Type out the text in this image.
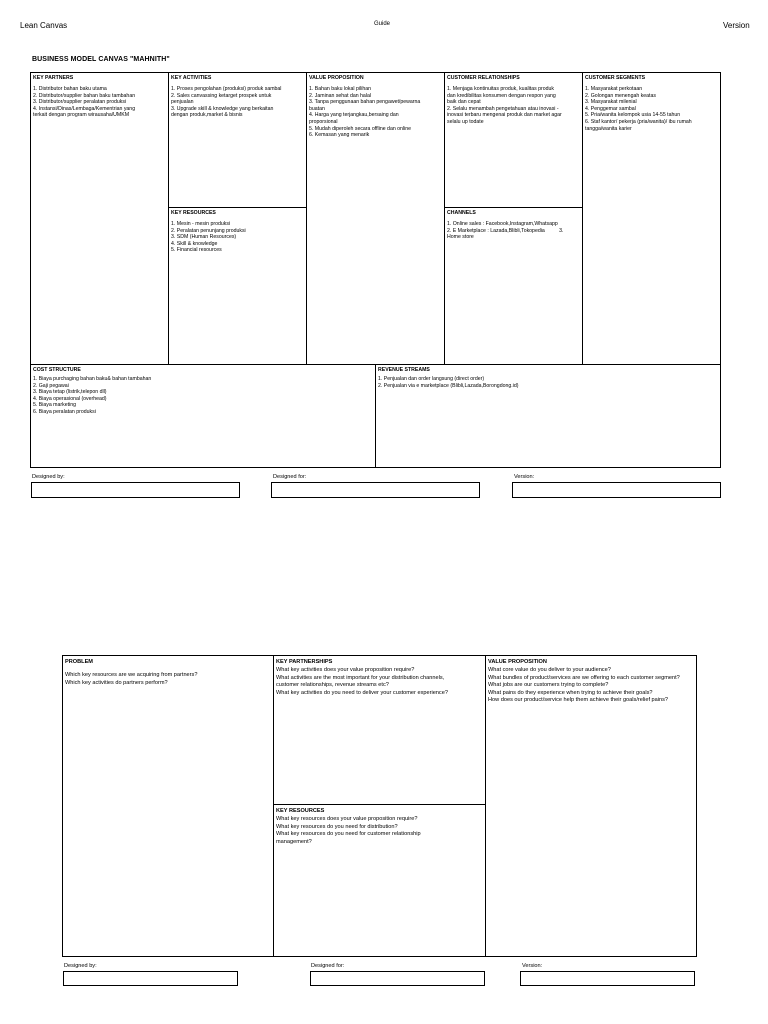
Lean Canvas	Guide	Version
BUSINESS MODEL CANVAS "MAHNITH"
KEY PARTNERS
1. Distributor bahan baku utama
2. Distributor/supplier bahan baku tambahan
3. Distributor/supplier peralatan produksi
4. Instansi/Dinas/Lembaga/Kementrian yang
terkait dengan program wirausaha/UMKM
KEY ACTIVITIES
1. Proses pengolahan (produksi) produk sambal
2. Sales canvassing ketarget prospek untuk
penjualan
3. Upgrade skill & knowledge yang berkaitan
dengan produk,market & bisnis
VALUE PROPOSITION
1. Bahan baku lokal pilihan
2. Jaminan sehat dan halal
3. Tanpa penggunaan bahan pengawet/pewarna
buatan
4. Harga yang terjangkau,bersaing dan
proporsional
5. Mudah diperoleh secara offline dan online
6. Kemasan yang menarik
CUSTOMER RELATIONSHIPS
1. Menjaga kontinuitas produk, kualitas produk
dan kredibilitas konsumen dengan respon yang
baik dan cepat
2. Selalu menambah pengetahuan atau inovasi -
inovasi terbaru mengenai produk dan market agar
selalu up todate
CUSTOMER SEGMENTS
1. Masyarakat perkotaan
2. Golongan menengah keatas
3. Masyarakat milenial
4. Penggemar sambal
5. Pria/wanita kelompok usia 14-55 tahun
6. Staf kantor/ pekerja (pria/wanita)/ ibu rumah
tangga/wanita karier
KEY RESOURCES
1. Mesin - mesin produksi
2. Peralatan penunjang produksi
3. SDM (Human Resources)
4. Skill & knowledge
5. Financial resources
CHANNELS
1. Online sales : Facebook,Instagram,Whatsapp
2. E Marketplace : Lazada,Blibli,Tokopedia          3.
Home store
COST STRUCTURE
1. Biaya purchaging bahan baku& bahan tambahan
2. Gaji pegawai
3. Biaya tetap (listrik,telepon dll)
4. Biaya operasional (overhead)
5. Biaya marketing
6. Biaya peralatan produksi
REVENUE STREAMS
1. Penjualan dan order langsung (direct order)
2. Penjualan via e marketplace (Blibli,Lazada,Borongdong.id)
Designed by:	Designed for:	Version:
PROBLEM
Which key resources are we acquiring from partners?
Which key activities do partners perform?
KEY PARTNERSHIPS
What key activities does your value proposition require?
What activities are the most important for your distribution channels,
customer relationships, revenue streams etc?
What key activities do you need to deliver your customer experience?
VALUE PROPOSITION
What core value do you deliver to your audience?
What bundles of product/services are we offering to each customer segment?
What jobs are our customers trying to complete?
What pains do they experience when trying to achieve their goals?
How does our product/service help them achieve their goals/relief pains?
KEY RESOURCES
What key resources does your value proposition require?
What key resources do you need for distribution?
What key resources do you need for customer relationship
management?
Designed by:	Designed for:	Version:
